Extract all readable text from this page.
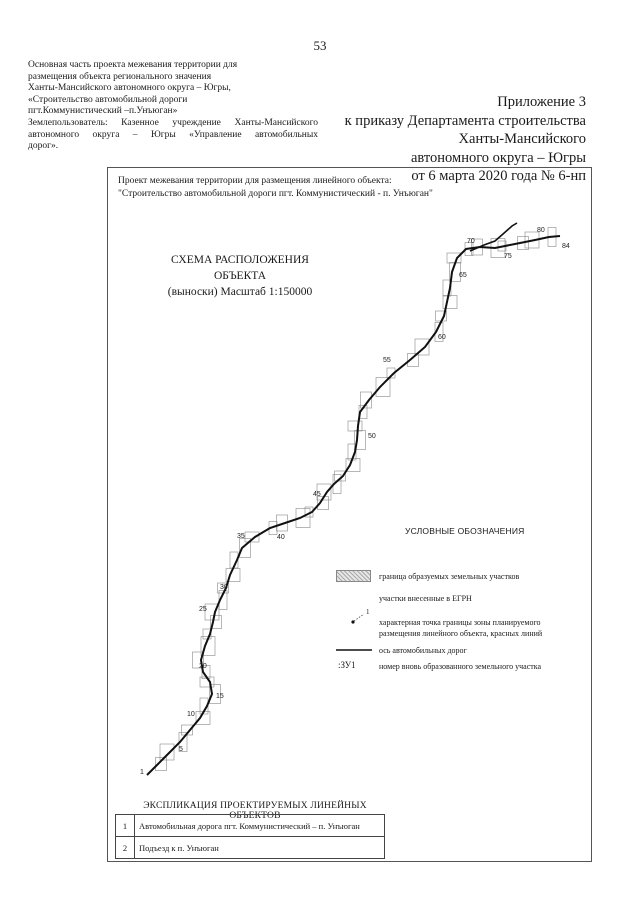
53
Основная часть проекта межевания территории для
размещения объекта регионального значения
Ханты-Мансийского автономного округа – Югры,
«Строительство автомобильной дороги
пгт.Коммунистический –п.Унъюган»
Землепользователь: Казенное учреждение Ханты-Мансийского
автономного округа – Югры «Управление автомобильных
дорог».
Приложение 3
к приказу Департамента строительства
Ханты-Мансийского
автономного округа – Югры
от 6 марта 2020 года № 6-нп
Проект межевания территории для размещения линейного объекта:
"Строительство автомобильной дороги пгт. Коммунистический - п. Унъюган"
СХЕМА РАСПОЛОЖЕНИЯ ОБЪЕКТА
(выноски) Масштаб 1:150000
1
5
10
15
20
25
30
35	40
45
50
55
60
65
70
75
80
84
УСЛОВНЫЕ ОБОЗНАЧЕНИЯ
граница образуемых земельных участков
участки внесенные в ЕГРН
1
характерная точка границы зоны планируемого
размещения линейного объекта, красных линий
ось автомобильных дорог
:ЗУ1	номер вновь образованного земельного участка
ЭКСПЛИКАЦИЯ ПРОЕКТИРУЕМЫХ ЛИНЕЙНЫХ ОБЪЕКТОВ
1	Автомобильная дорога пгт. Коммунистический – п. Унъюган
2	Подъезд к п. Унъюган
